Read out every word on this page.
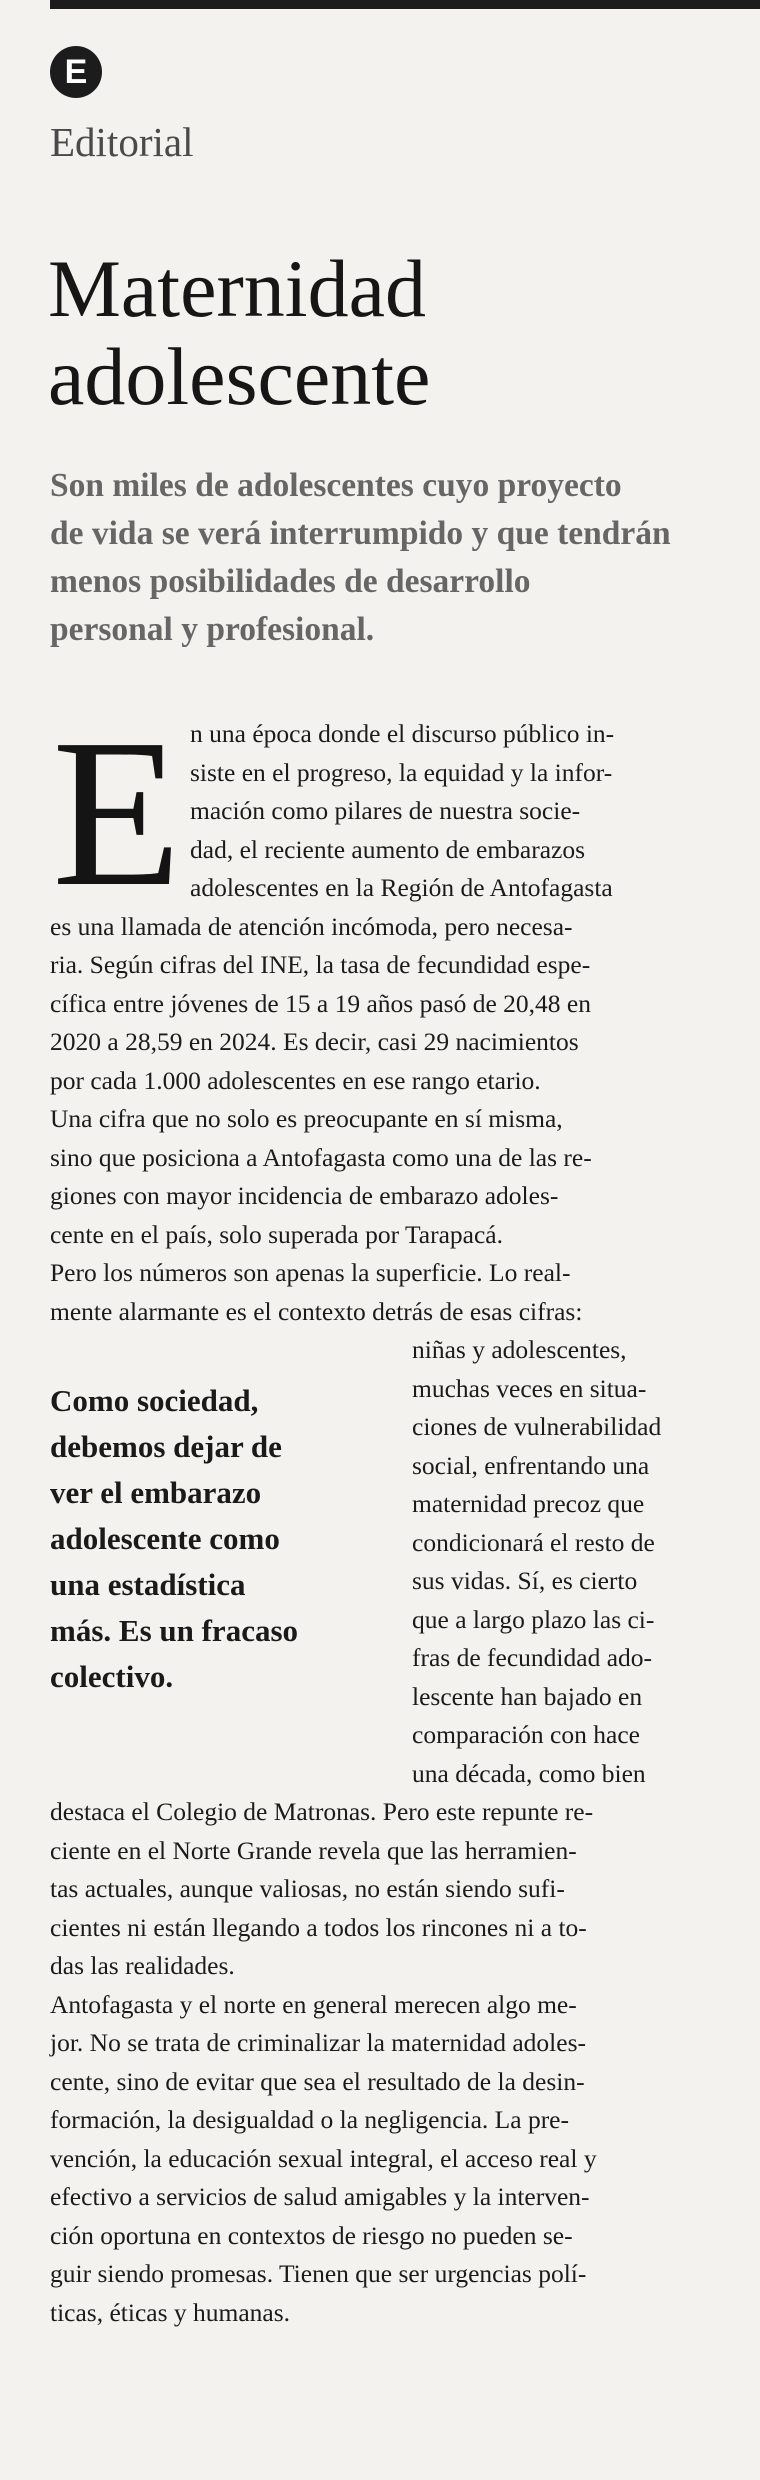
E
Editorial
Maternidad
adolescente
Son miles de adolescentes cuyo proyecto
de vida se verá interrumpido y que tendrán
menos posibilidades de desarrollo
personal y profesional.
E n una época donde el discurso público in-
siste en el progreso, la equidad y la infor-
mación como pilares de nuestra socie-
dad, el reciente aumento de embarazos
adolescentes en la Región de Antofagasta
es una llamada de atención incómoda, pero necesa-
ria. Según cifras del INE, la tasa de fecundidad espe-
cífica entre jóvenes de 15 a 19 años pasó de 20,48 en
2020 a 28,59 en 2024. Es decir, casi 29 nacimientos
por cada 1.000 adolescentes en ese rango etario.
Una cifra que no solo es preocupante en sí misma,
sino que posiciona a Antofagasta como una de las re-
giones con mayor incidencia de embarazo adoles-
cente en el país, solo superada por Tarapacá.
Pero los números son apenas la superficie. Lo real-
mente alarmante es el contexto detrás de esas cifras:
niñas y adolescentes,
muchas veces en situa-
ciones de vulnerabilidad
social, enfrentando una
maternidad precoz que
condicionará el resto de
sus vidas. Sí, es cierto
que a largo plazo las ci-
fras de fecundidad ado-
lescente han bajado en
comparación con hace
una década, como bien
destaca el Colegio de Matronas. Pero este repunte re-
ciente en el Norte Grande revela que las herramien-
tas actuales, aunque valiosas, no están siendo sufi-
cientes ni están llegando a todos los rincones ni a to-
das las realidades.
Antofagasta y el norte en general merecen algo me-
jor. No se trata de criminalizar la maternidad adoles-
cente, sino de evitar que sea el resultado de la desin-
formación, la desigualdad o la negligencia. La pre-
vención, la educación sexual integral, el acceso real y
efectivo a servicios de salud amigables y la interven-
ción oportuna en contextos de riesgo no pueden se-
guir siendo promesas. Tienen que ser urgencias polí-
ticas, éticas y humanas.
Como sociedad,
debemos dejar de
ver el embarazo
adolescente como
una estadística
más. Es un fracaso
colectivo.
